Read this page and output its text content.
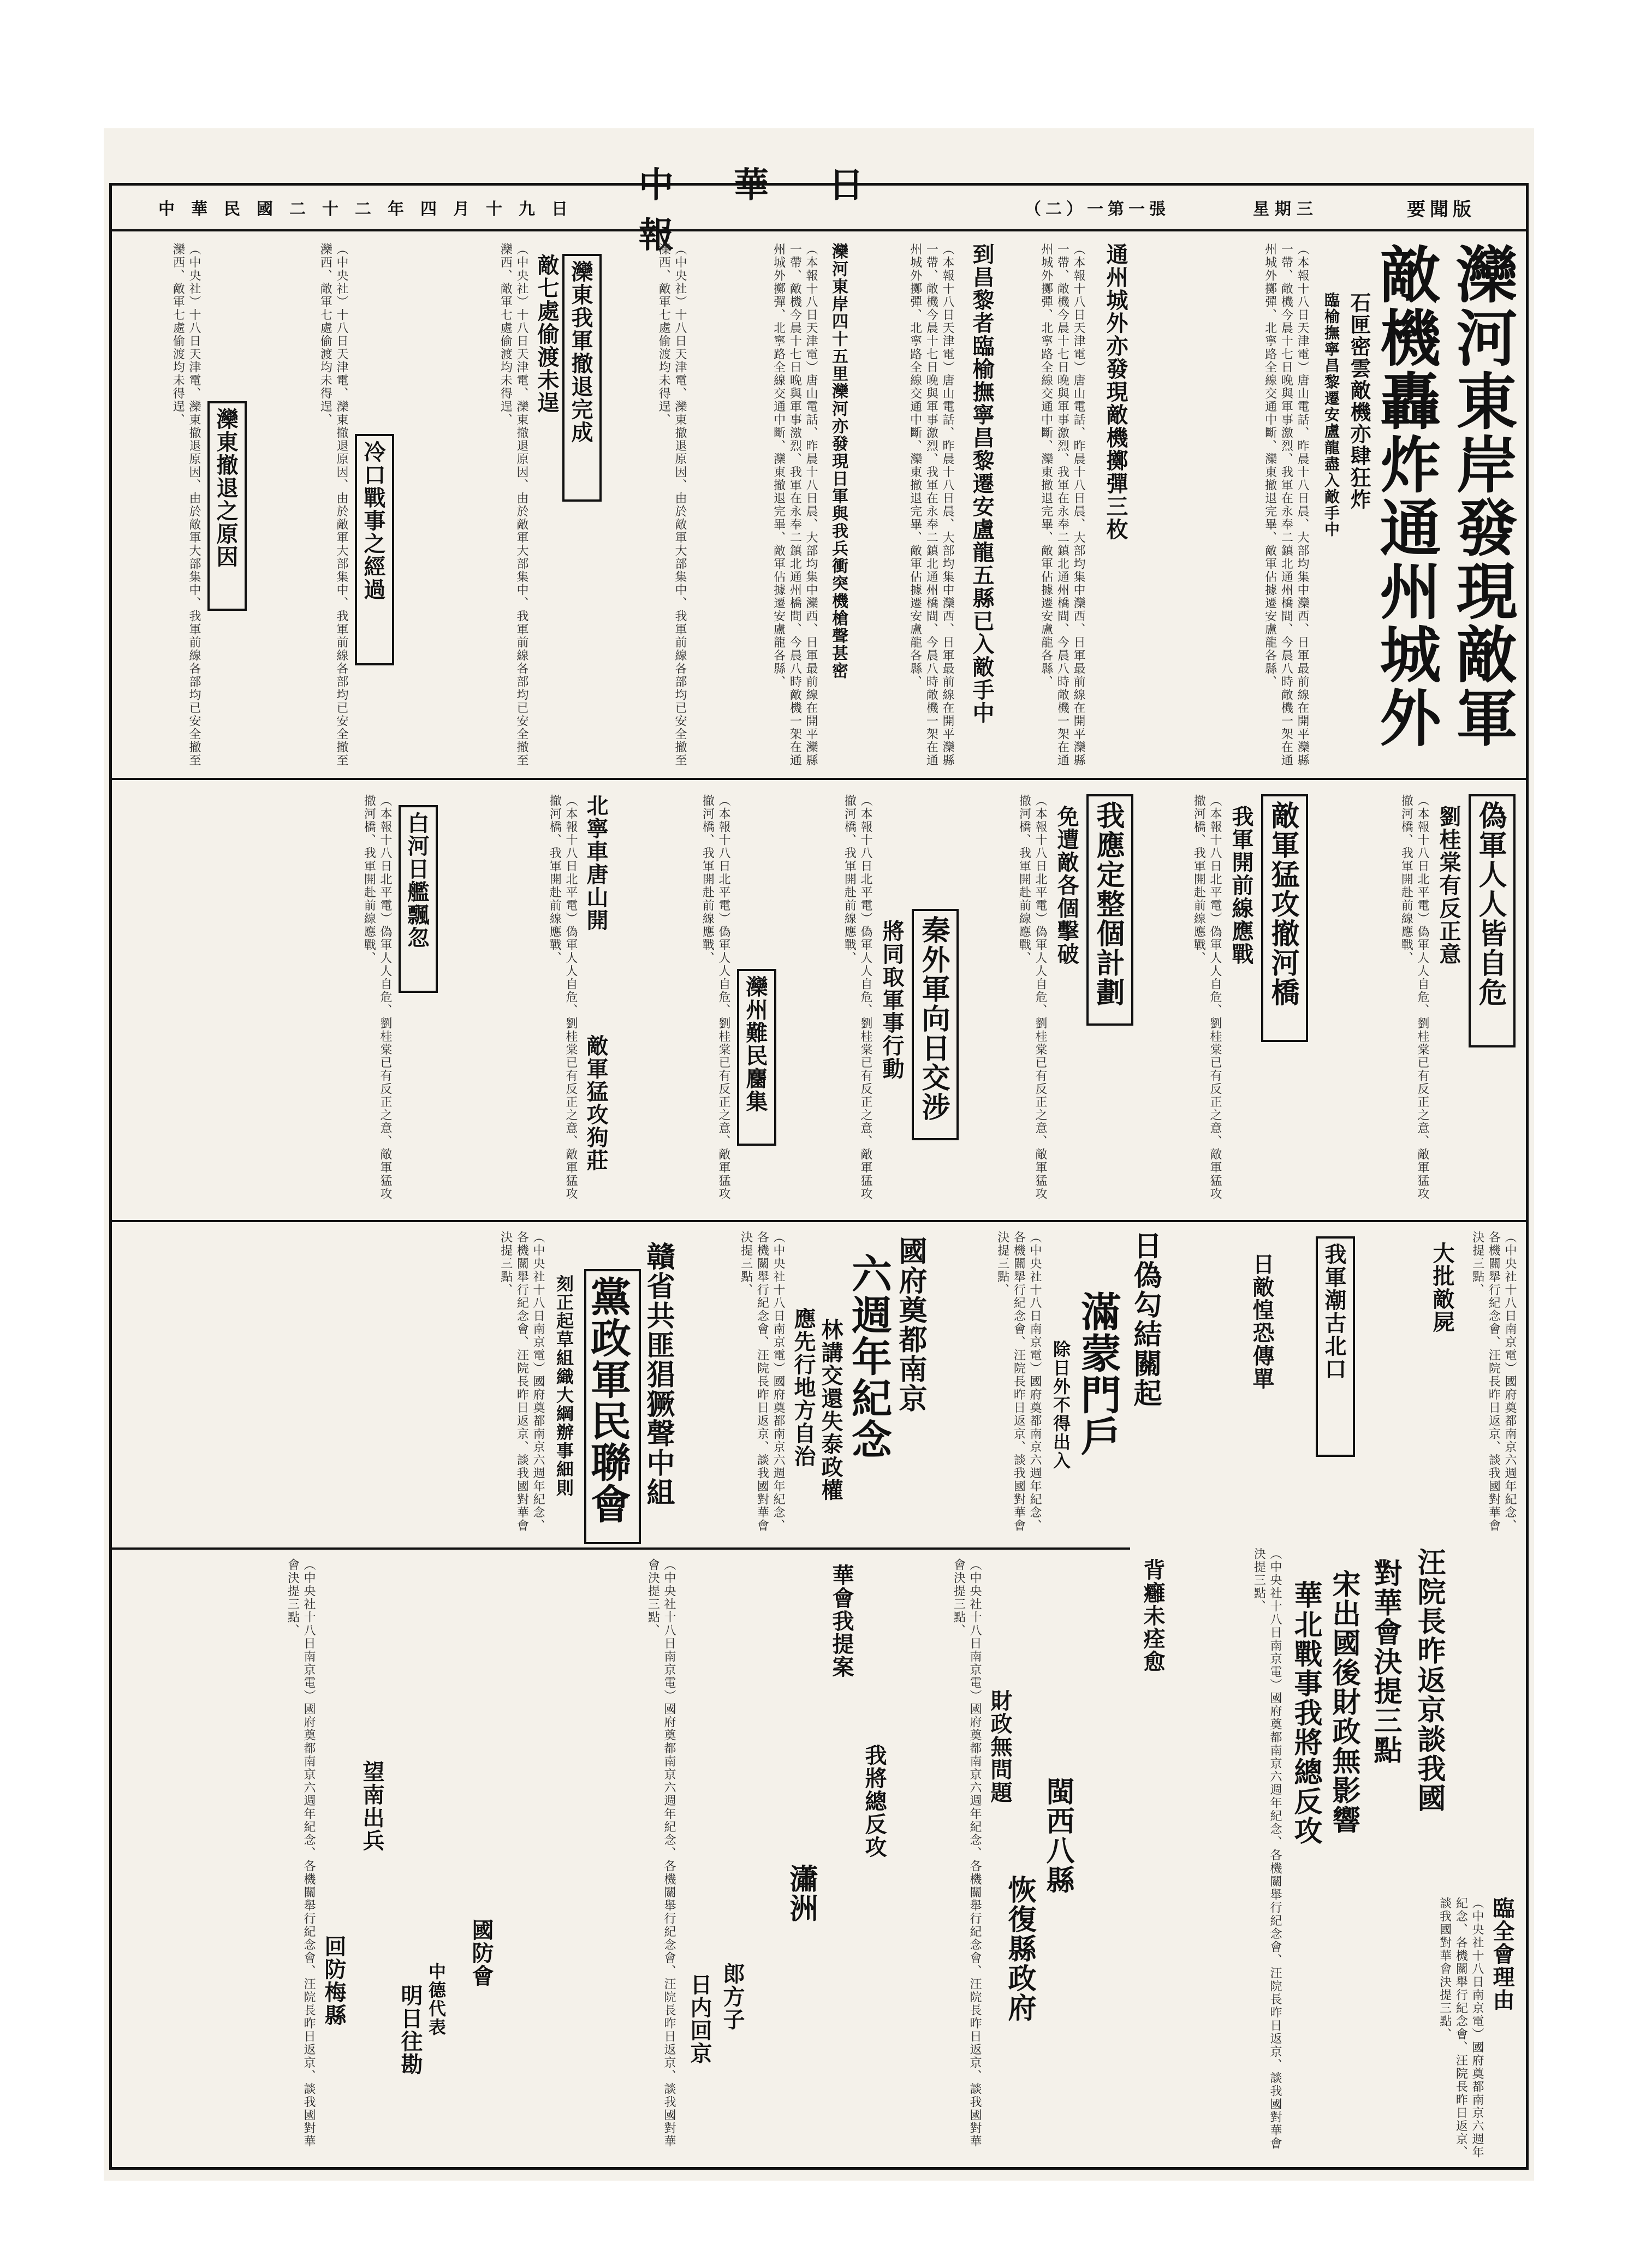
中華民國二十二年四月十九日
中華日報
（二）一第一張	星期三	要聞版
灤河東岸發現敵軍
敵機轟炸通州城外
石匣密雲敵機亦肆狂炸
臨榆撫寧昌黎遷安盧龍盡入敵手中
（本報十八日天津電）唐山電話、昨晨十八日晨、大部均集中灤西、日軍最前線在開平灤縣一帶、敵機今晨十七日晚與軍事激烈、我軍在永奉二鎮北通州橋間、今晨八時敵機一架在通州城外擲彈、北寧路全線交通中斷、灤東撤退完畢、敵軍佔據遷安盧龍各縣、
通州城外亦發現敵機擲彈三枚
（本報十八日天津電）唐山電話、昨晨十八日晨、大部均集中灤西、日軍最前線在開平灤縣一帶、敵機今晨十七日晚與軍事激烈、我軍在永奉二鎮北通州橋間、今晨八時敵機一架在通州城外擲彈、北寧路全線交通中斷、灤東撤退完畢、敵軍佔據遷安盧龍各縣、
到昌黎者臨榆撫寧昌黎遷安盧龍五縣已入敵手中
（本報十八日天津電）唐山電話、昨晨十八日晨、大部均集中灤西、日軍最前線在開平灤縣一帶、敵機今晨十七日晚與軍事激烈、我軍在永奉二鎮北通州橋間、今晨八時敵機一架在通州城外擲彈、北寧路全線交通中斷、灤東撤退完畢、敵軍佔據遷安盧龍各縣、
灤河東岸四十五里灤河亦發現日軍與我兵衝突機槍聲甚密
（本報十八日天津電）唐山電話、昨晨十八日晨、大部均集中灤西、日軍最前線在開平灤縣一帶、敵機今晨十七日晚與軍事激烈、我軍在永奉二鎮北通州橋間、今晨八時敵機一架在通州城外擲彈、北寧路全線交通中斷、灤東撤退完畢、敵軍佔據遷安盧龍各縣、
（中央社）十八日天津電、灤東撤退原因、由於敵軍大部集中、我軍前線各部均已安全撤至灤西、敵軍七處偷渡均未得逞、
灤東我軍撤退完成
敵七處偷渡未逞
（中央社）十八日天津電、灤東撤退原因、由於敵軍大部集中、我軍前線各部均已安全撤至灤西、敵軍七處偷渡均未得逞、
冷口戰事之經過
（中央社）十八日天津電、灤東撤退原因、由於敵軍大部集中、我軍前線各部均已安全撤至灤西、敵軍七處偷渡均未得逞、
灤東撤退之原因
（中央社）十八日天津電、灤東撤退原因、由於敵軍大部集中、我軍前線各部均已安全撤至灤西、敵軍七處偷渡均未得逞、
偽軍人人皆自危
劉桂棠有反正意
（本報十八日北平電）偽軍人人自危、劉桂棠已有反正之意、敵軍猛攻撤河橋、我軍開赴前線應戰、
敵軍猛攻撤河橋
我軍開前線應戰
（本報十八日北平電）偽軍人人自危、劉桂棠已有反正之意、敵軍猛攻撤河橋、我軍開赴前線應戰、
我應定整個計劃
免遭敵各個擊破
（本報十八日北平電）偽軍人人自危、劉桂棠已有反正之意、敵軍猛攻撤河橋、我軍開赴前線應戰、
秦外軍向日交涉
將同取軍事行動
（本報十八日北平電）偽軍人人自危、劉桂棠已有反正之意、敵軍猛攻撤河橋、我軍開赴前線應戰、
灤州難民麕集
（本報十八日北平電）偽軍人人自危、劉桂棠已有反正之意、敵軍猛攻撤河橋、我軍開赴前線應戰、
北寧車唐山開
敵軍猛攻狗莊
（本報十八日北平電）偽軍人人自危、劉桂棠已有反正之意、敵軍猛攻撤河橋、我軍開赴前線應戰、
白河日艦飄忽
（本報十八日北平電）偽軍人人自危、劉桂棠已有反正之意、敵軍猛攻撤河橋、我軍開赴前線應戰、
（中央社十八日南京電）國府奠都南京六週年紀念、各機關舉行紀念會、汪院長昨日返京、談我國對華會決提三點、
汪院長昨返京談我國
對華會決提三點
我軍潮古北口
日敵惶恐傳單	大批敵屍
宋出國後財政無影響
華北戰事我將總反攻
（中央社十八日南京電）國府奠都南京六週年紀念、各機關舉行紀念會、汪院長昨日返京、談我國對華會決提三點、
背癰未痊愈
日偽勾結關起
滿蒙門戶
除日外不得出入
（中央社十八日南京電）國府奠都南京六週年紀念、各機關舉行紀念會、汪院長昨日返京、談我國對華會決提三點、
國府奠都南京
六週年紀念
林講交還失泰政權
應先行地方自治
（中央社十八日南京電）國府奠都南京六週年紀念、各機關舉行紀念會、汪院長昨日返京、談我國對華會決提三點、
贛省共匪猖獗聲中組
黨政軍民聯會
刻正起草組織大綱辦事細則
（中央社十八日南京電）國府奠都南京六週年紀念、各機關舉行紀念會、汪院長昨日返京、談我國對華會決提三點、
臨全會理由
（中央社十八日南京電）國府奠都南京六週年紀念、各機關舉行紀念會、汪院長昨日返京、談我國對華會決提三點、
財政無問題
閩西八縣
恢復縣政府
（中央社十八日南京電）國府奠都南京六週年紀念、各機關舉行紀念會、汪院長昨日返京、談我國對華會決提三點、
華會我提案
我將總反攻
瀟洲
郎方子
日内回京
（中央社十八日南京電）國府奠都南京六週年紀念、各機關舉行紀念會、汪院長昨日返京、談我國對華會決提三點、
國防會
中德代表
明日往勘
望南出兵
回防梅縣
（中央社十八日南京電）國府奠都南京六週年紀念、各機關舉行紀念會、汪院長昨日返京、談我國對華會決提三點、
